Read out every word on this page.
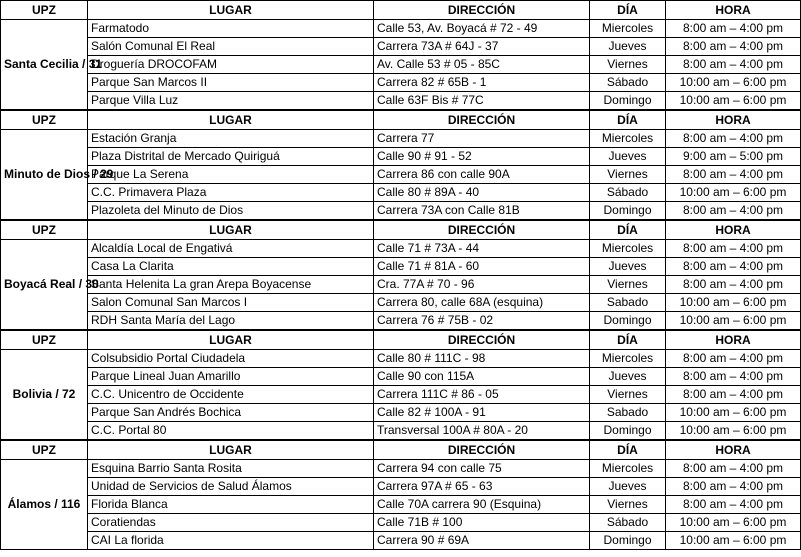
UPZ	LUGAR	DIRECCIÓN	DÍA	HORA
Santa Cecilia / 31	Farmatodo	Calle 53, Av. Boyacá # 72 - 49	Miercoles	8:00 am – 4:00 pm
	Salón Comunal El Real	Carrera 73A # 64J - 37	Jueves	8:00 am – 4:00 pm
	Droguería DROCOFAM	Av. Calle 53 # 05 - 85C	Viernes	8:00 am – 4:00 pm
	Parque San Marcos II	Carrera 82 # 65B - 1	Sábado	10:00 am – 6:00 pm
	Parque Villa Luz	Calle 63F Bis # 77C	Domingo	10:00 am – 6:00 pm
UPZ	LUGAR	DIRECCIÓN	DÍA	HORA
Minuto de Dios / 29	Estación Granja	Carrera 77	Miercoles	8:00 am – 4:00 pm
	Plaza Distrital de Mercado Quiriguá	Calle 90 # 91 - 52	Jueves	9:00 am – 5:00 pm
	Parque La Serena	Carrera 86 con calle 90A	Viernes	8:00 am – 4:00 pm
	C.C. Primavera Plaza	Calle 80 # 89A - 40	Sábado	10:00 am – 6:00 pm
	Plazoleta del Minuto de Dios	Carrera 73A con Calle 81B	Domingo	8:00 am – 4:00 pm
UPZ	LUGAR	DIRECCIÓN	DÍA	HORA
Boyacá Real / 30	Alcaldía Local de Engativá	Calle 71 # 73A - 44	Miercoles	8:00 am – 4:00 pm
	Casa La Clarita	Calle 71 # 81A - 60	Jueves	8:00 am – 4:00 pm
	Santa Helenita La gran Arepa Boyacense	Cra. 77A # 70 - 96	Viernes	8:00 am – 4:00 pm
	Salon Comunal San Marcos I	Carrera 80, calle 68A (esquina)	Sabado	10:00 am – 6:00 pm
	RDH Santa María del Lago	Carrera 76 # 75B - 02	Domingo	10:00 am – 6:00 pm
UPZ	LUGAR	DIRECCIÓN	DÍA	HORA
Bolivia / 72	Colsubsidio Portal Ciudadela	Calle 80 # 111C - 98	Miercoles	8:00 am – 4:00 pm
	Parque Lineal Juan Amarillo	Calle 90 con 115A	Jueves	8:00 am – 4:00 pm
	C.C. Unicentro de Occidente	Carrera 111C # 86 - 05	Viernes	8:00 am – 4:00 pm
	Parque San Andrés Bochica	Calle 82 # 100A - 91	Sabado	10:00 am – 6:00 pm
	C.C. Portal 80	Transversal 100A # 80A - 20	Domingo	10:00 am – 6:00 pm
UPZ	LUGAR	DIRECCIÓN	DÍA	HORA
Álamos / 116	Esquina Barrio Santa Rosita	Carrera 94 con calle 75	Miercoles	8:00 am – 4:00 pm
	Unidad de Servicios de Salud Álamos	Carrera 97A # 65 - 63	Jueves	8:00 am – 4:00 pm
	Florida Blanca	Calle 70A carrera 90 (Esquina)	Viernes	8:00 am – 4:00 pm
	Coratiendas	Calle 71B # 100	Sábado	10:00 am – 6:00 pm
	CAI La florida	Carrera 90 # 69A	Domingo	10:00 am – 6:00 pm
